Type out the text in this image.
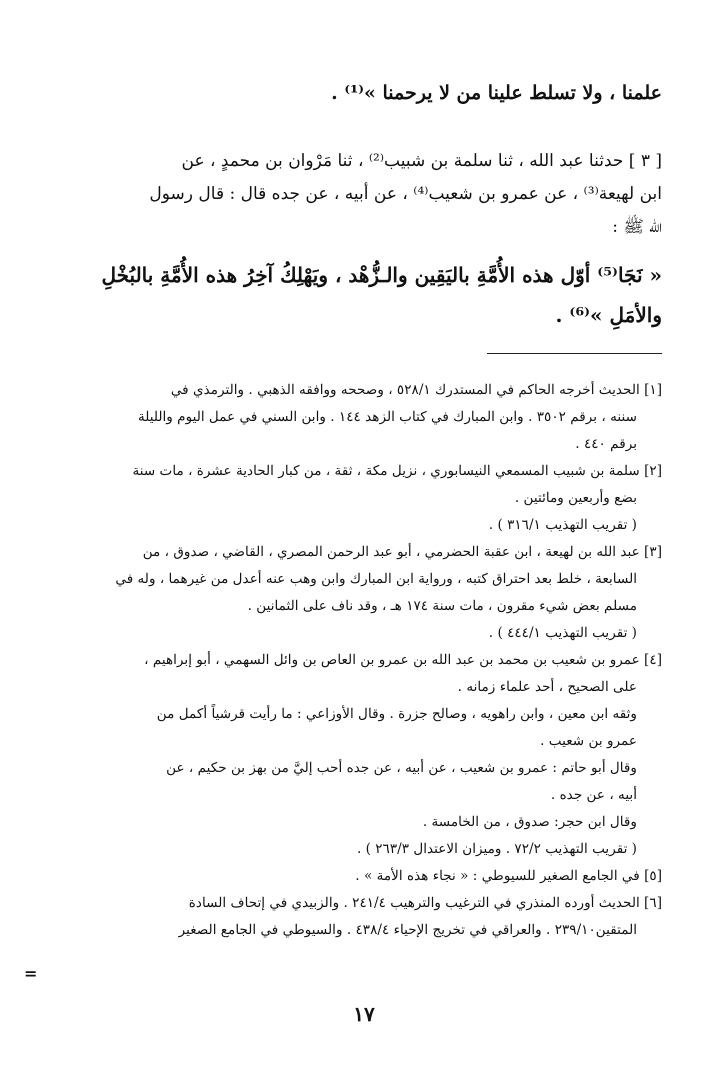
علمنا ، ولا تسلط علينا من لا يرحمنا »⁽¹⁾ .
[ ٣ ] حدثنا عبد الله ، ثنا سلمة بن شبيب⁽²⁾ ، ثنا مَرْوان بن محمدٍ ، عن
ابن لهيعة⁽³⁾ ، عن عمرو بن شعيب⁽⁴⁾ ، عن أبيه ، عن جده قال : قال رسول
الله ﷺ :
« نَجَا⁽⁵⁾ أوّل هذه الأُمَّةِ باليَقِين والـزُّهْد ، ويَهْلِكُ آخِرُ هذه الأُمَّةِ بالبُخْلِ
والأمَلِ »⁽⁶⁾ .
[١] الحديث أخرجه الحاكم في المستدرك ٥٢٨/١ ، وصححه ووافقه الذهبي . والترمذي في
سننه ، برقم ٣٥٠٢ . وابن المبارك في كتاب الزهد ١٤٤ . وابن السني في عمل اليوم والليلة
برقم ٤٤٠ .
[٢] سلمة بن شبيب المسمعي النيسابوري ، نزيل مكة ، ثقة ، من كبار الحادية عشرة ، مات سنة
بضع وأربعين ومائتين .
( تقريب التهذيب ٣١٦/١ ) .
[٣] عبد الله بن لهيعة ، ابن عقبة الحضرمي ، أبو عبد الرحمن المصري ، القاضي ، صدوق ، من
السابعة ، خلط بعد احتراق كتبه ، ورواية ابن المبارك وابن وهب عنه أعدل من غيرهما ، وله في
مسلم بعض شيء مقرون ، مات سنة ١٧٤ هـ ، وقد ناف على الثمانين .
( تقريب التهذيب ٤٤٤/١ ) .
[٤] عمرو بن شعيب بن محمد بن عبد الله بن عمرو بن العاص بن وائل السهمي ، أبو إبراهيم ،
على الصحيح ، أحد علماء زمانه .
وثقه ابن معين ، وابن راهويه ، وصالح جزرة . وقال الأوزاعي : ما رأيت قرشياً أكمل من
عمرو بن شعيب .
وقال أبو حاتم : عمرو بن شعيب ، عن أبيه ، عن جده أحب إليَّ من بهز بن حكيم ، عن
أبيه ، عن جده .
وقال ابن حجر: صدوق ، من الخامسة .
( تقريب التهذيب ٧٢/٢ . وميزان الاعتدال ٢٦٣/٣ ) .
[٥] في الجامع الصغير للسيوطي : « نجاء هذه الأمة » .
[٦] الحديث أورده المنذري في الترغيب والترهيب ٢٤١/٤ . والزبيدي في إتحاف السادة
المتقين٢٣٩/١٠ . والعراقي في تخريج الإحياء ٤٣٨/٤ . والسيوطي في الجامع الصغير
=
١٧
